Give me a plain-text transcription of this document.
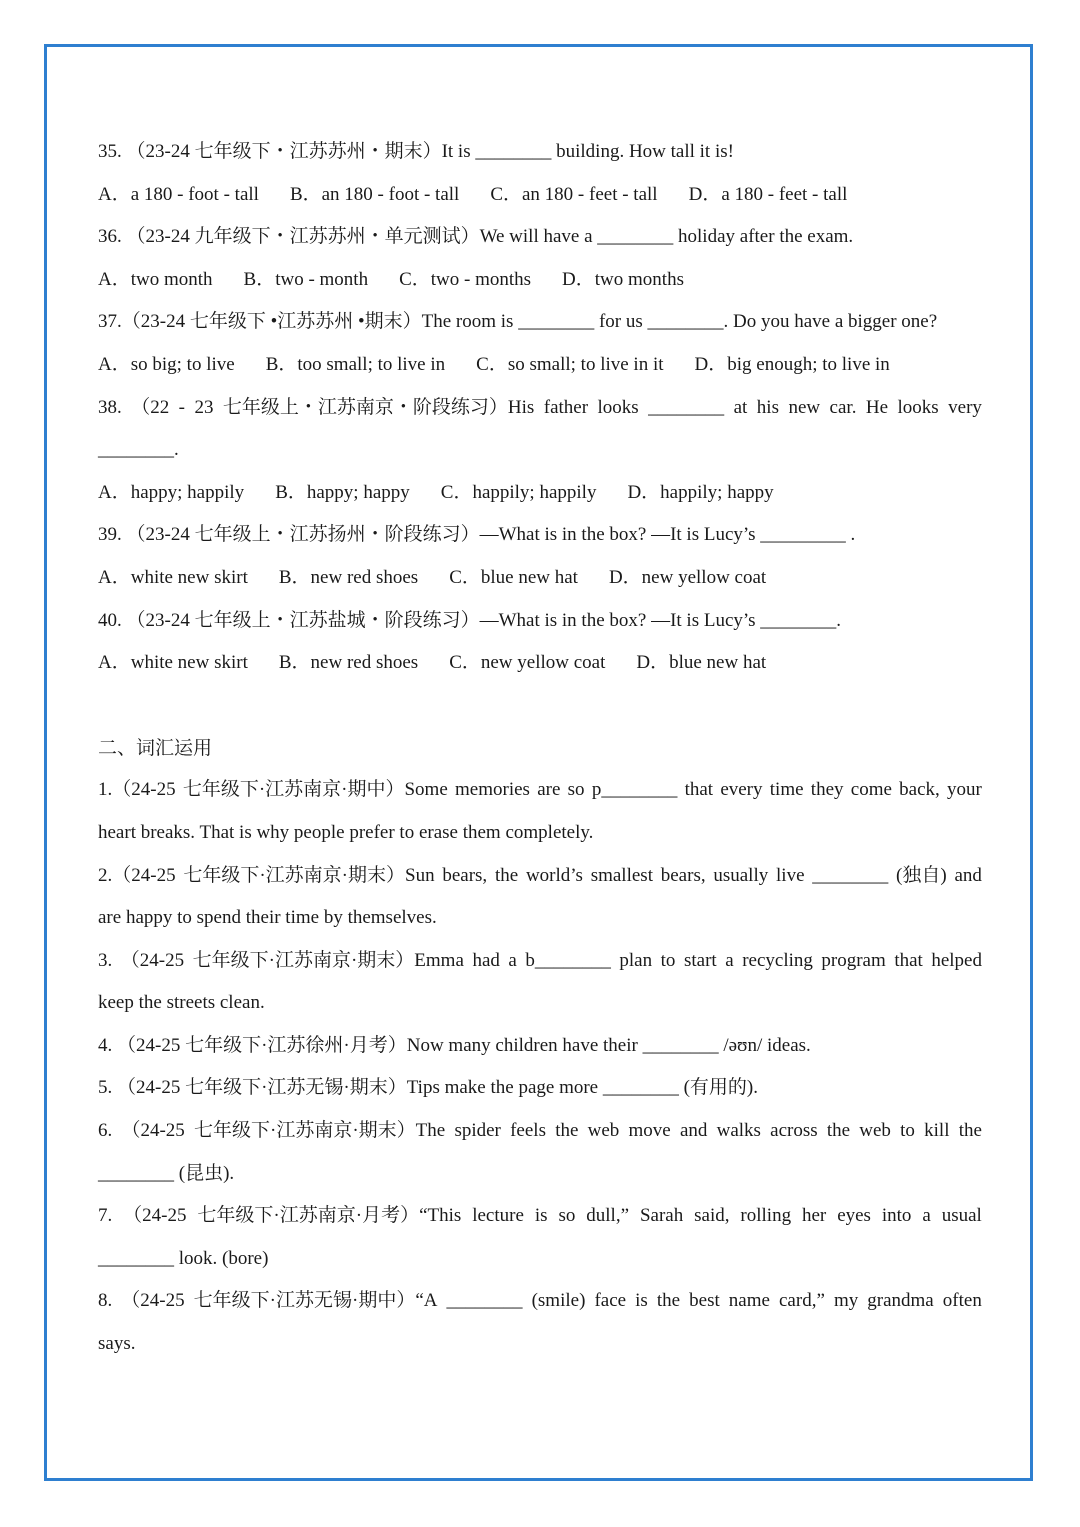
35. （23-24 七年级下・江苏苏州・期末）It is ________ building. How tall it is!
A．a 180 - foot - tall B．an 180 - foot - tall C．an 180 - feet - tall D．a 180 - feet - tall
36. （23-24 九年级下・江苏苏州・单元测试）We will have a ________ holiday after the exam.
A．two month B．two - month C．two - months D．two months
37.（23-24 七年级下 •江苏苏州 •期末）The room is ________ for us ________. Do you have a bigger one?
A．so big; to live B．too small; to live in C．so small; to live in it D．big enough; to live in
38. （22 - 23 七年级上・江苏南京・阶段练习）His father looks ________ at his new car. He looks very
________.
A．happy; happily B．happy; happy C．happily; happily D．happily; happy
39. （23-24 七年级上・江苏扬州・阶段练习）—What is in the box? —It is Lucy’s _________ .
A．white new skirt B．new red shoes C．blue new hat D．new yellow coat
40. （23-24 七年级上・江苏盐城・阶段练习）—What is in the box? —It is Lucy’s ________.
A．white new skirt B．new red shoes C．new yellow coat D．blue new hat
二、词汇运用
1.（24-25 七年级下·江苏南京·期中）Some memories are so p________ that every time they come back, your
heart breaks. That is why people prefer to erase them completely.
2.（24-25 七年级下·江苏南京·期末）Sun bears, the world’s smallest bears, usually live ________ (独自) and
are happy to spend their time by themselves.
3. （24-25 七年级下·江苏南京·期末）Emma had a b________ plan to start a recycling program that helped
keep the streets clean.
4. （24-25 七年级下·江苏徐州·月考）Now many children have their ________ /əʊn/ ideas.
5. （24-25 七年级下·江苏无锡·期末）Tips make the page more ________ (有用的).
6. （24-25 七年级下·江苏南京·期末）The spider feels the web move and walks across the web to kill the
________ (昆虫).
7. （24-25 七年级下·江苏南京·月考）“This lecture is so dull,” Sarah said, rolling her eyes into a usual
________ look. (bore)
8. （24-25 七年级下·江苏无锡·期中）“A ________ (smile) face is the best name card,” my grandma often
says.
